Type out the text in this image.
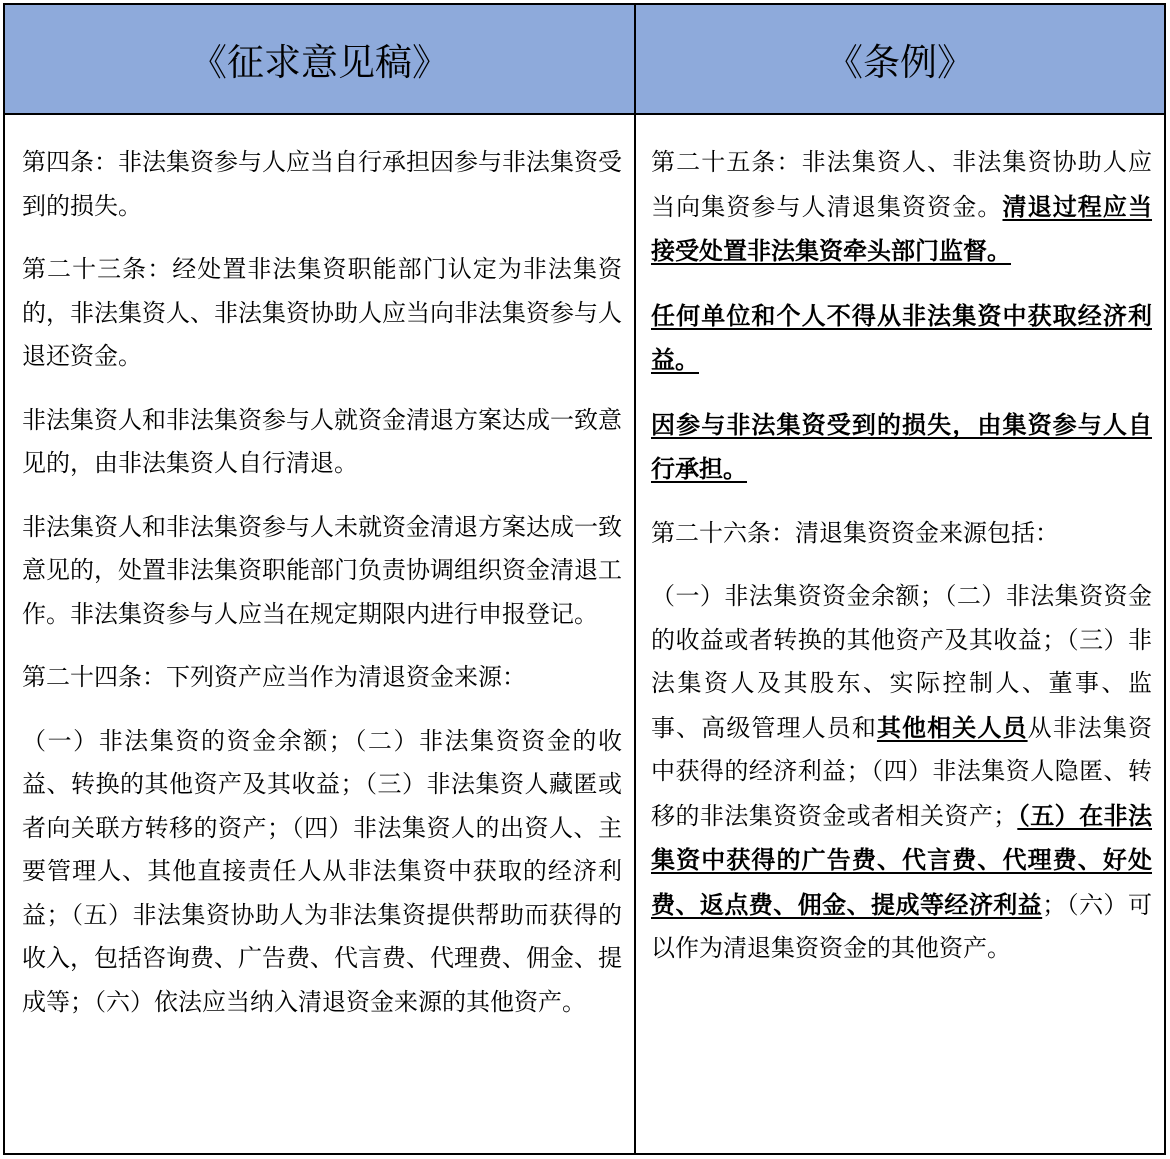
《征求意见稿》	《条例》

第四条：非法集资参与人应当自行承担因参与非法集资受到的损失。

第二十三条：经处置非法集资职能部门认定为非法集资的，非法集资人、非法集资协助人应当向非法集资参与人退还资金。

非法集资人和非法集资参与人就资金清退方案达成一致意见的，由非法集资人自行清退。

非法集资人和非法集资参与人未就资金清退方案达成一致意见的，处置非法集资职能部门负责协调组织资金清退工作。非法集资参与人应当在规定期限内进行申报登记。

第二十四条：下列资产应当作为清退资金来源：

（一）非法集资的资金余额；（二）非法集资资金的收益、转换的其他资产及其收益；（三）非法集资人藏匿或者向关联方转移的资产；（四）非法集资人的出资人、主要管理人、其他直接责任人从非法集资中获取的经济利益；（五）非法集资协助人为非法集资提供帮助而获得的收入，包括咨询费、广告费、代言费、代理费、佣金、提成等；（六）依法应当纳入清退资金来源的其他资产。

第二十五条：非法集资人、非法集资协助人应当向集资参与人清退集资资金。清退过程应当接受处置非法集资牵头部门监督。

任何单位和个人不得从非法集资中获取经济利益。

因参与非法集资受到的损失，由集资参与人自行承担。

第二十六条：清退集资资金来源包括：

（一）非法集资资金余额；（二）非法集资资金的收益或者转换的其他资产及其收益；（三）非法集资人及其股东、实际控制人、董事、监事、高级管理人员和其他相关人员从非法集资中获得的经济利益；（四）非法集资人隐匿、转移的非法集资资金或者相关资产；（五）在非法集资中获得的广告费、代言费、代理费、好处费、返点费、佣金、提成等经济利益；（六）可以作为清退集资资金的其他资产。
